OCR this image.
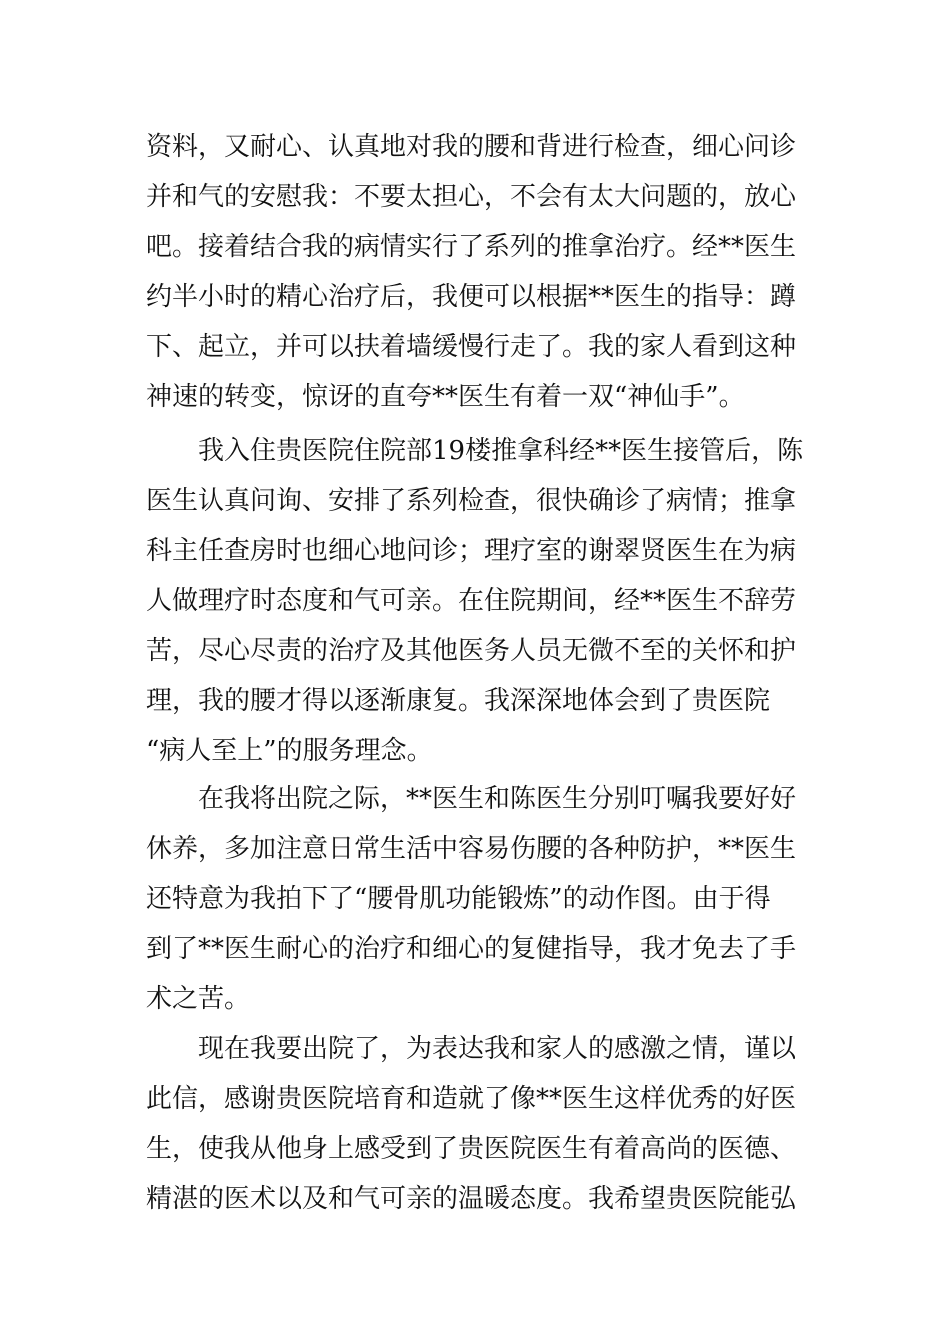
资料，又耐心、认真地对我的腰和背进行检查，细心问诊
并和气的安慰我：不要太担心，不会有太大问题的，放心
吧。接着结合我的病情实行了系列的推拿治疗。经**医生
约半小时的精心治疗后，我便可以根据**医生的指导：蹲
下、起立，并可以扶着墙缓慢行走了。我的家人看到这种
神速的转变，惊讶的直夸**医生有着一双“神仙手”。
我入住贵医院住院部19楼推拿科经**医生接管后，陈
医生认真问询、安排了系列检查，很快确诊了病情；推拿
科主任查房时也细心地问诊；理疗室的谢翠贤医生在为病
人做理疗时态度和气可亲。在住院期间，经**医生不辞劳
苦，尽心尽责的治疗及其他医务人员无微不至的关怀和护
理，我的腰才得以逐渐康复。我深深地体会到了贵医院
“病人至上”的服务理念。
在我将出院之际，**医生和陈医生分别叮嘱我要好好
休养，多加注意日常生活中容易伤腰的各种防护，**医生
还特意为我拍下了“腰骨肌功能锻炼”的动作图。由于得
到了**医生耐心的治疗和细心的复健指导，我才免去了手
术之苦。
现在我要出院了，为表达我和家人的感激之情，谨以
此信，感谢贵医院培育和造就了像**医生这样优秀的好医
生，使我从他身上感受到了贵医院医生有着高尚的医德、
精湛的医术以及和气可亲的温暖态度。我希望贵医院能弘
